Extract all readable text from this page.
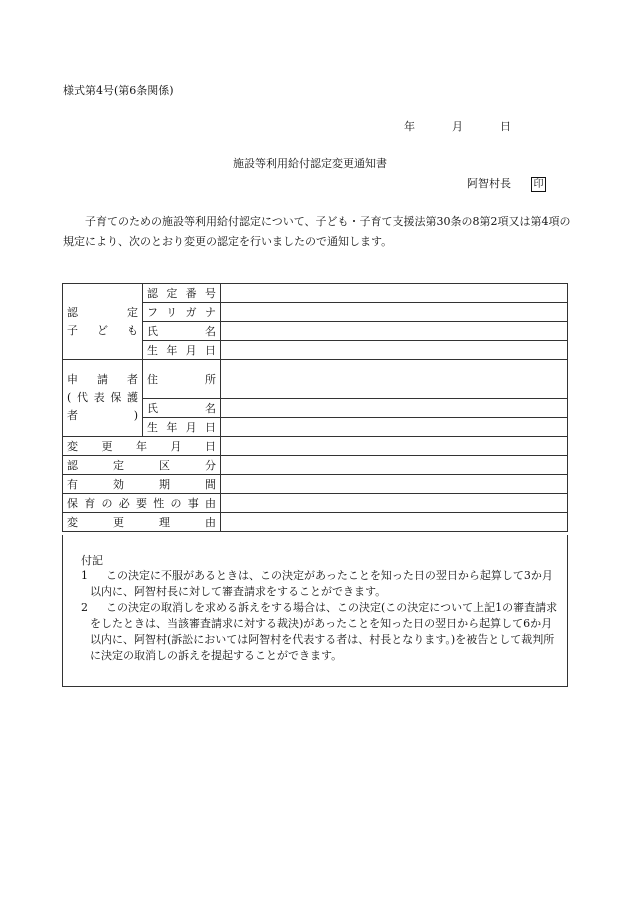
様式第4号(第6条関係)
年	月	日
施設等利用給付認定変更通知書
阿智村長 印
子育てのための施設等利用給付認定について、子ども・子育て支援法第30条の8第2項又は第4項の規定により、次のとおり変更の認定を行いましたので通知します。
認　　定
子　ど　も	認定番号	
	フリガナ	
	氏名	
	生年月日	

申　請　者
(代表保護
者　　　)	住所	
	氏名	
	生年月日	
変更年月日		
認定区分		
有効期間		
保育の必要性の事由		
変更理由		
付記
1	この決定に不服があるときは、この決定があったことを知った日の翌日から起算して3か月以内に、阿智村長に対して審査請求をすることができます。
2	この決定の取消しを求める訴えをする場合は、この決定(この決定について上記1の審査請求をしたときは、当該審査請求に対する裁決)があったことを知った日の翌日から起算して6か月以内に、阿智村(訴訟においては阿智村を代表する者は、村長となります。)を被告として裁判所に決定の取消しの訴えを提起することができます。
